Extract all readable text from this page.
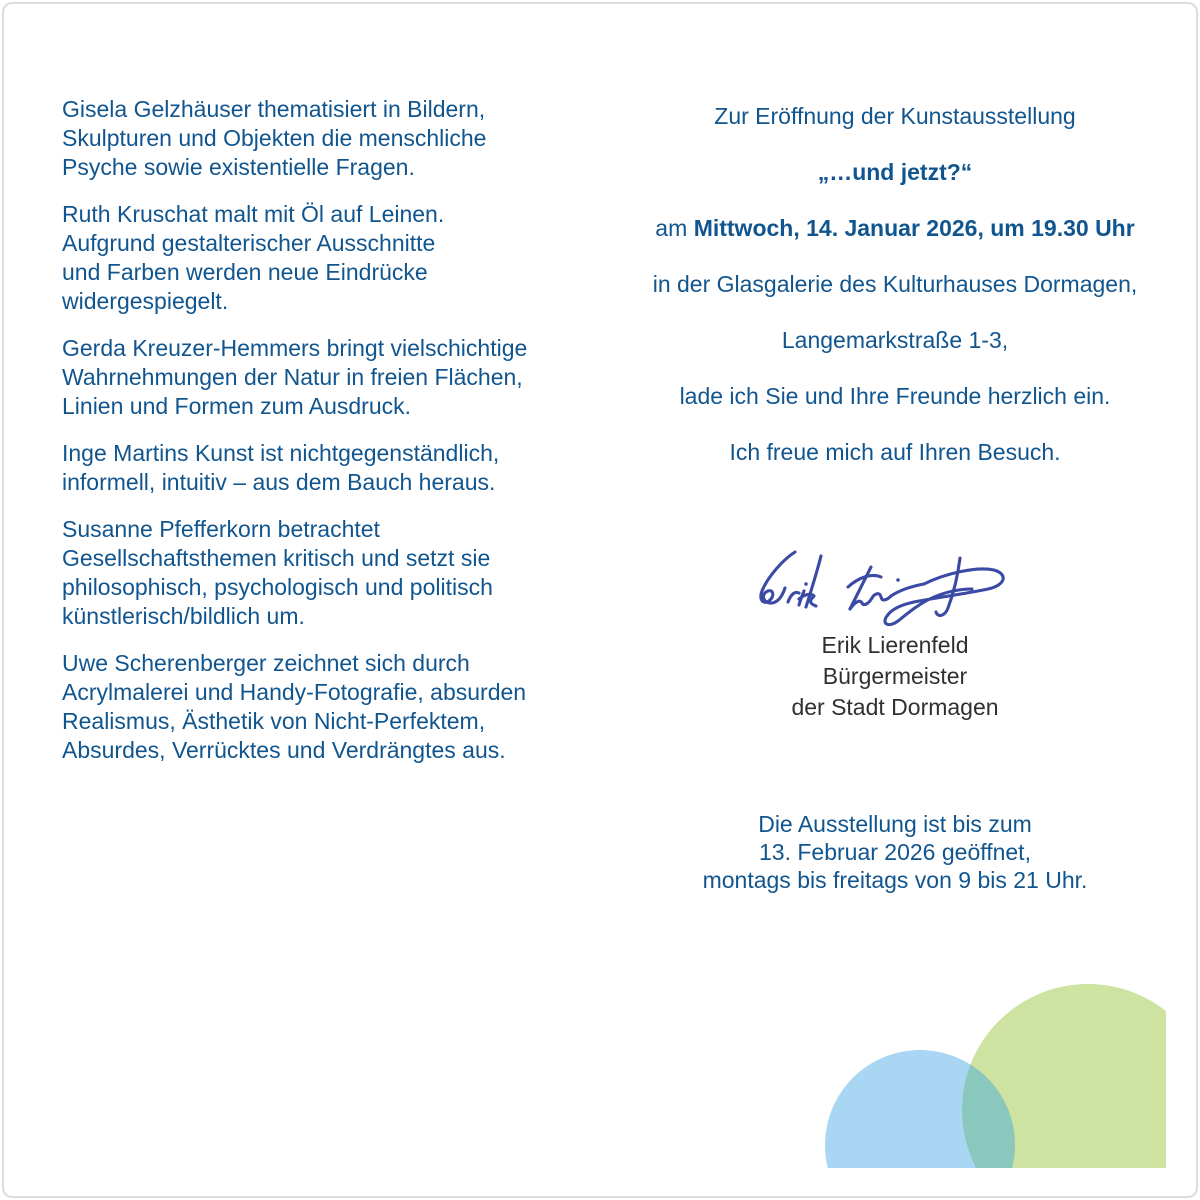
Gisela Gelzhäuser thematisiert in Bildern,
Skulpturen und Objekten die menschliche
Psyche sowie existentielle Fragen.

Ruth Kruschat malt mit Öl auf Leinen.
Aufgrund gestalterischer Ausschnitte
und Farben werden neue Eindrücke
widergespiegelt.

Gerda Kreuzer-Hemmers bringt vielschichtige
Wahrnehmungen der Natur in freien Flächen,
Linien und Formen zum Ausdruck.

Inge Martins Kunst ist nichtgegenständlich,
informell, intuitiv – aus dem Bauch heraus.

Susanne Pfefferkorn betrachtet
Gesellschaftsthemen kritisch und setzt sie
philosophisch, psychologisch und politisch
künstlerisch/bildlich um.

Uwe Scherenberger zeichnet sich durch
Acrylmalerei und Handy-Fotografie, absurden
Realismus, Ästhetik von Nicht-Perfektem,
Absurdes, Verrücktes und Verdrängtes aus.

Zur Eröffnung der Kunstausstellung
„…und jetzt?“
am Mittwoch, 14. Januar 2026, um 19.30 Uhr
in der Glasgalerie des Kulturhauses Dormagen,
Langemarkstraße 1-3,
lade ich Sie und Ihre Freunde herzlich ein.
Ich freue mich auf Ihren Besuch.
Erik Lierenfeld
Bürgermeister
der Stadt Dormagen
Die Ausstellung ist bis zum
13. Februar 2026 geöffnet,
montags bis freitags von 9 bis 21 Uhr.
